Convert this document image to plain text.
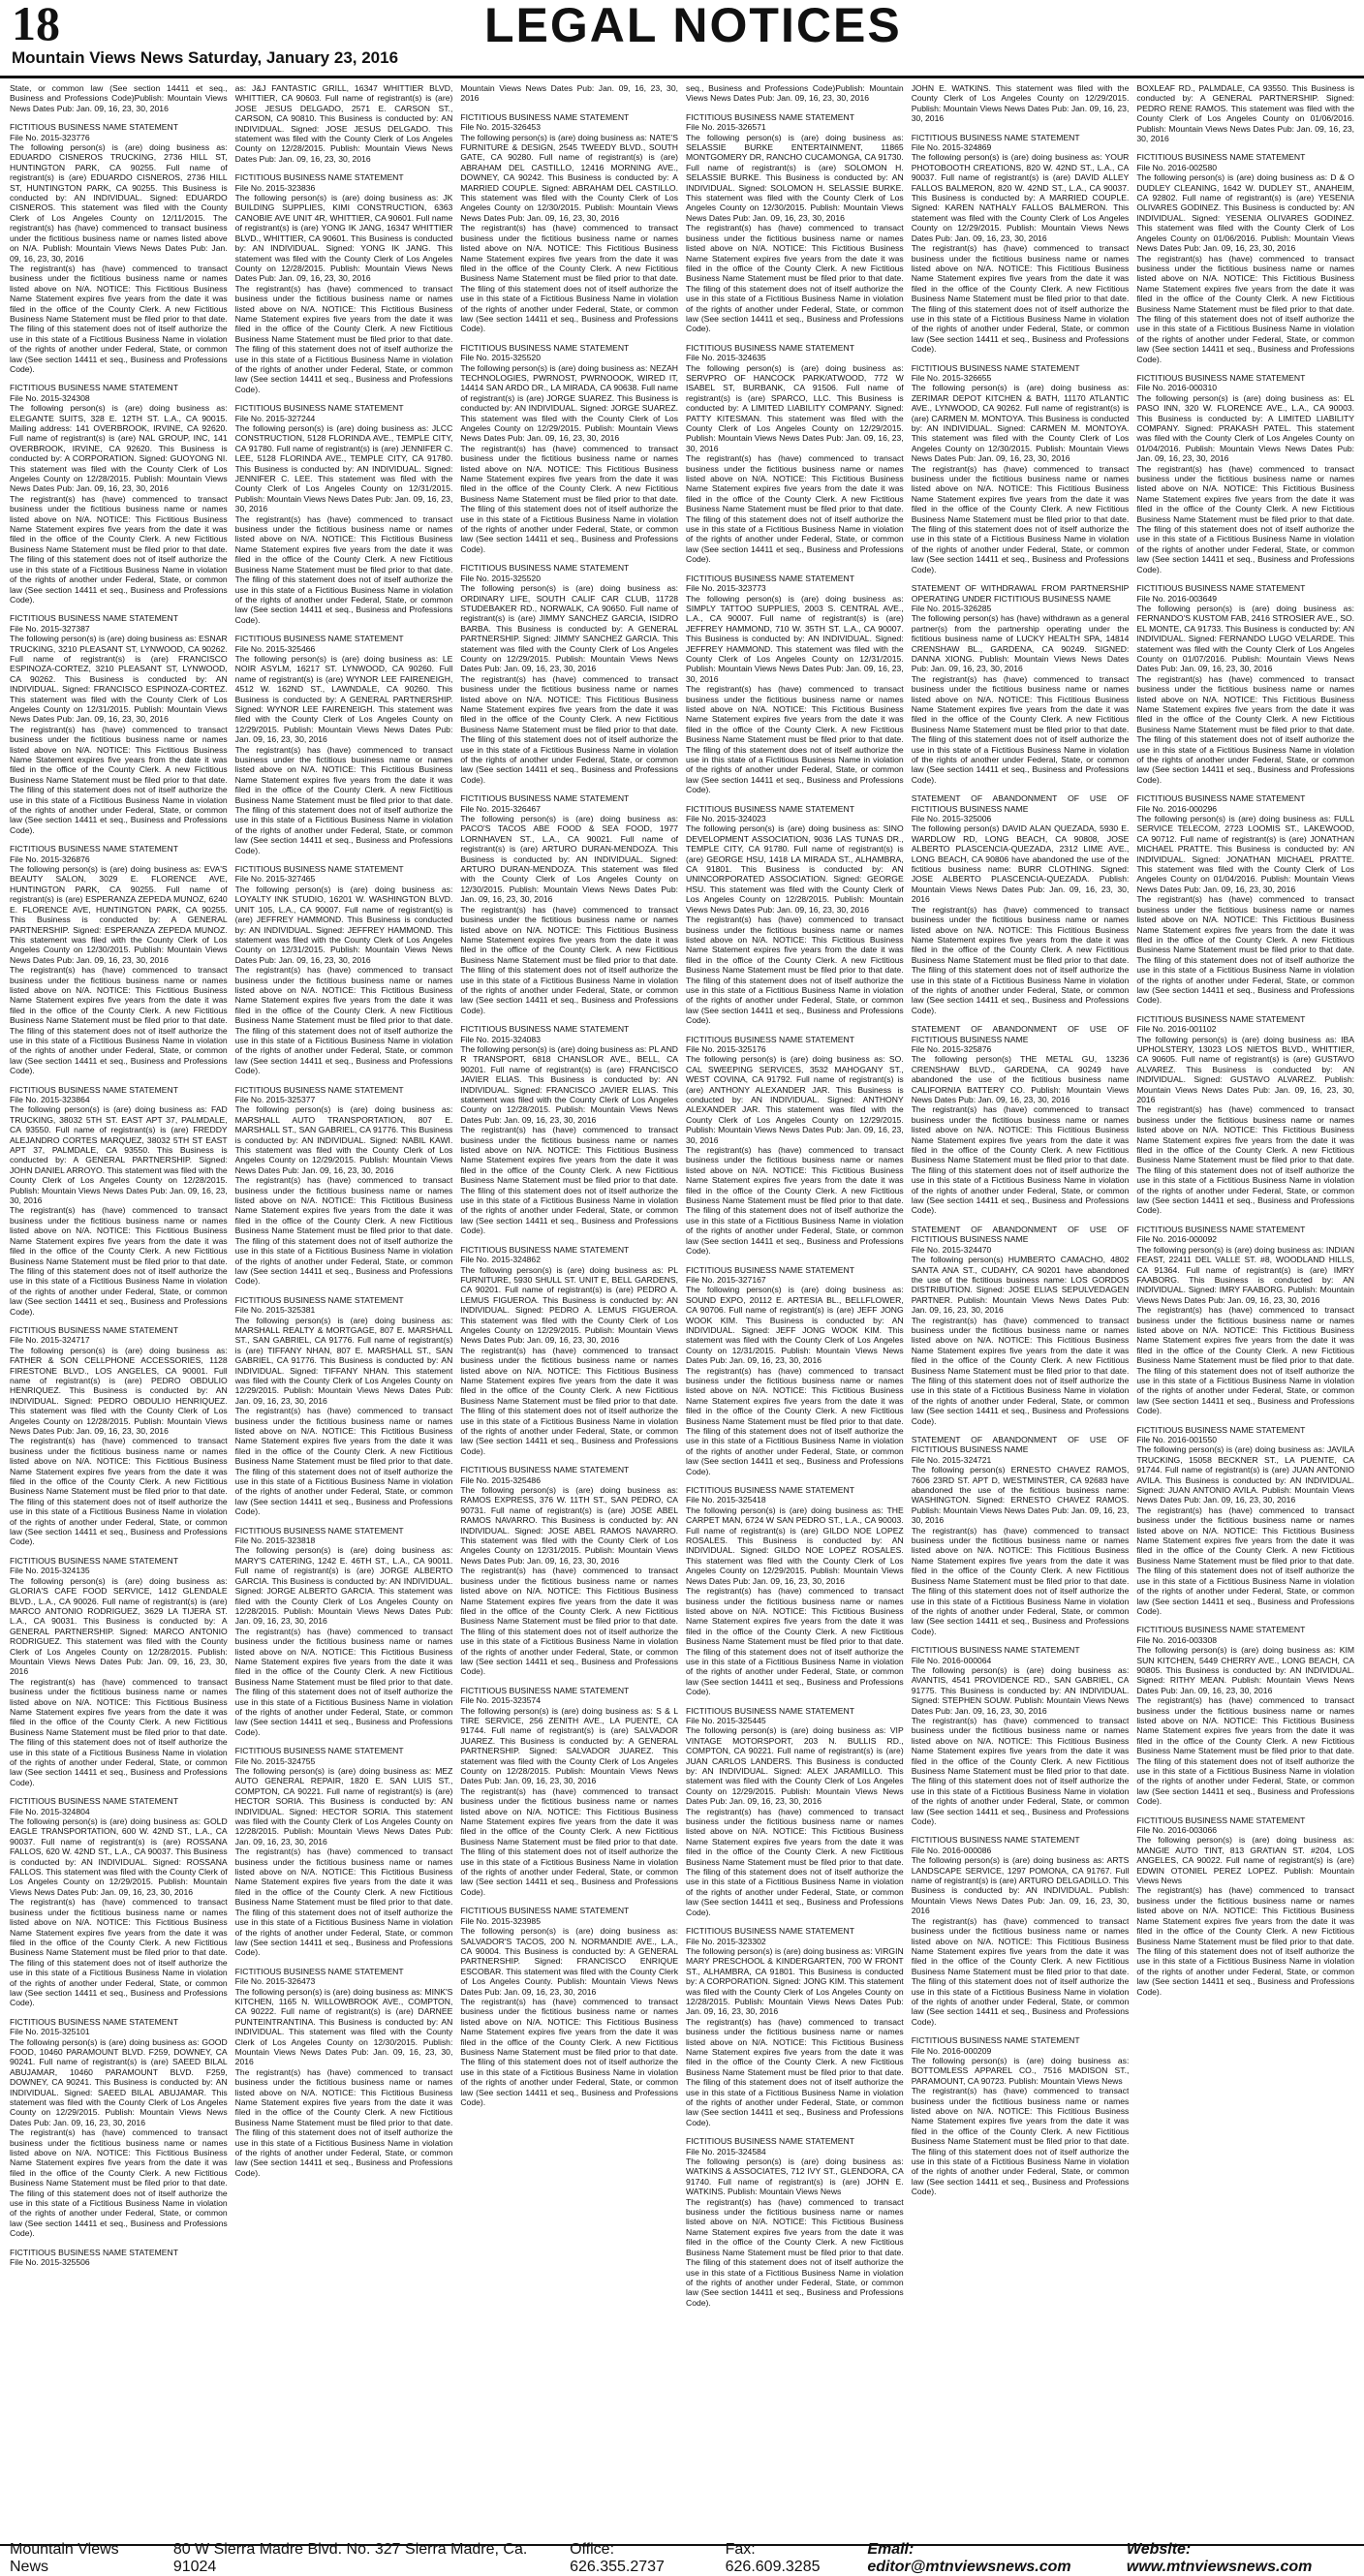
18	LEGAL NOTICES
Mountain Views News Saturday, January 23, 2016
State, or common law (See section 14411 et seq., Business and Professions Code)Publish: Mountain Views News Dates Pub: Jan. 09, 16, 23, 30, 2016
FICTITIOUS BUSINESS NAME STATEMENT
File No. 2015-323776
The following person(s) is (are) doing business as: EDUARDO CISNEROS TRUCKING, 2736 HILL ST, HUNTINGTON PARK, CA 90255. Full name of registrant(s) is (are) EDUARDO CISNEROS, 2736 HILL ST, HUNTINGTON PARK, CA 90255. This Business is conducted by: AN INDIVIDUAL. Signed: EDUARDO CISNEROS. This statement was filed with the County Clerk of Los Angeles County on 12/11/2015. The registrant(s) has (have) commenced to transact business under the fictitious business name or names listed above on N/A. Publish: Mountain Views News Dates Pub: Jan. 09, 16, 23, 30, 2016
The registrant(s) has (have) commenced to transact business under the fictitious business name or names listed above on N/A. NOTICE: This Fictitious Business Name Statement expires five years from the date it was filed in the office of the County Clerk. A new Fictitious Business Name Statement must be filed prior to that date. The filing of this statement does not of itself authorize the use in this state of a Fictitious Business Name in violation of the rights of another under Federal, State, or common law (See section 14411 et seq., Business and Professions Code).
FICTITIOUS BUSINESS NAME STATEMENT
File No. 2015-324308
The following person(s) is (are) doing business as: ELEGANTE SUITS, 328 E. 12TH ST. L.A., CA 90015. Mailing address: 141 OVERBROOK, IRVINE, CA 92620. Full name of registrant(s) is (are) NAL GROUP, INC, 141 OVERBROOK, IRVINE, CA 92620. This Business is conducted by: A CORPORATION. Signed: GUOYONG NI. This statement was filed with the County Clerk of Los Angeles County on 12/28/2015. Publish: Mountain Views News Dates Pub: Jan. 09, 16, 23, 30, 2016
The registrant(s) has (have) commenced to transact business under the fictitious business name or names listed above on N/A. NOTICE: This Fictitious Business Name Statement expires five years from the date it was filed in the office of the County Clerk. A new Fictitious Business Name Statement must be filed prior to that date. The filing of this statement does not of itself authorize the use in this state of a Fictitious Business Name in violation of the rights of another under Federal, State, or common law (See section 14411 et seq., Business and Professions Code).
FICTITIOUS BUSINESS NAME STATEMENT
File No. 2015-327387
The following person(s) is (are) doing business as: ESNAR TRUCKING, 3210 PLEASANT ST, LYNWOOD, CA 90262. Full name of registrant(s) is (are) FRANCISCO ESPINOZA-CORTEZ, 3210 PLEASANT ST, LYNWOOD, CA 90262. This Business is conducted by: AN INDIVIDUAL. Signed: FRANCISCO ESPINOZA-CORTEZ. This statement was filed with the County Clerk of Los Angeles County on 12/31/2015. Publish: Mountain Views News Dates Pub: Jan. 09, 16, 23, 30, 2016
The registrant(s) has (have) commenced to transact business under the fictitious business name or names listed above on N/A. NOTICE: This Fictitious Business Name Statement expires five years from the date it was filed in the office of the County Clerk. A new Fictitious Business Name Statement must be filed prior to that date. The filing of this statement does not of itself authorize the use in this state of a Fictitious Business Name in violation of the rights of another under Federal, State, or common law (See section 14411 et seq., Business and Professions Code).
FICTITIOUS BUSINESS NAME STATEMENT
File No. 2015-326876
The following person(s) is (are) doing business as: EVA'S BEAUTY SALON, 3029 E. FLORENCE AVE, HUNTINGTON PARK, CA 90255. Full name of registrant(s) is (are) ESPERANZA ZEPEDA MUNOZ, 6240 E. FLORENCE AVE, HUNTINGTON PARK, CA 90255. This Business is conducted by: A GENERAL PARTNERSHIP. Signed: ESPERANZA ZEPEDA MUNOZ. This statement was filed with the County Clerk of Los Angeles County on 12/30/2015. Publish: Mountain Views News Dates Pub: Jan. 09, 16, 23, 30, 2016
The registrant(s) has (have) commenced to transact business under the fictitious business name or names listed above on N/A. NOTICE: This Fictitious Business Name Statement expires five years from the date it was filed in the office of the County Clerk. A new Fictitious Business Name Statement must be filed prior to that date. The filing of this statement does not of itself authorize the use in this state of a Fictitious Business Name in violation of the rights of another under Federal, State, or common law (See section 14411 et seq., Business and Professions Code).
FICTITIOUS BUSINESS NAME STATEMENT
File No. 2015-323864
The following person(s) is (are) doing business as: FAD TRUCKING, 38032 5TH ST. EAST APT 37, PALMDALE, CA 93550. Full name of registrant(s) is (are) FREDDY ALEJANDRO CORTES MARQUEZ, 38032 5TH ST EAST APT 37, PALMDALE, CA 93550. This Business is conducted by: A GENERAL PARTNERSHIP. Signed: JOHN DANIEL ARROYO. This statement was filed with the County Clerk of Los Angeles County on 12/28/2015. Publish: Mountain Views News Dates Pub: Jan. 09, 16, 23, 30, 2016
The registrant(s) has (have) commenced to transact business under the fictitious business name or names listed above on N/A. NOTICE: This Fictitious Business Name Statement expires five years from the date it was filed in the office of the County Clerk. A new Fictitious Business Name Statement must be filed prior to that date. The filing of this statement does not of itself authorize the use in this state of a Fictitious Business Name in violation of the rights of another under Federal, State, or common law (See section 14411 et seq., Business and Professions Code).
FICTITIOUS BUSINESS NAME STATEMENT
File No. 2015-324717
The following person(s) is (are) doing business as: FATHER & SON CELLPHONE ACCESSORIES, 1128 FIRESTONE BLVD., LOS ANGELES, CA 90001. Full name of registrant(s) is (are) PEDRO OBDULIO HENRIQUEZ. This Business is conducted by: AN INDIVIDUAL. Signed: PEDRO OBDULIO HENRIQUEZ. This statement was filed with the County Clerk of Los Angeles County on 12/28/2015. Publish: Mountain Views News Dates Pub: Jan. 09, 16, 23, 30, 2016
The registrant(s) has (have) commenced to transact business under the fictitious business name or names listed above on N/A. NOTICE: This Fictitious Business Name Statement expires five years from the date it was filed in the office of the County Clerk. A new Fictitious Business Name Statement must be filed prior to that date. The filing of this statement does not of itself authorize the use in this state of a Fictitious Business Name in violation of the rights of another under Federal, State, or common law (See section 14411 et seq., Business and Professions Code).
FICTITIOUS BUSINESS NAME STATEMENT
File No. 2015-324135
The following person(s) is (are) doing business as: GLORIA'S CAFE FOOD SERVICE, 1412 GLENDALE BLVD., L.A., CA 90026. Full name of registrant(s) is (are) MARCO ANTONIO RODRIGUEZ, 3629 LA TIJERA ST. L.A., CA 90031. This Business is conducted by: A GENERAL PARTNERSHIP. Signed: MARCO ANTONIO RODRIGUEZ. This statement was filed with the County Clerk of Los Angeles County on 12/28/2015. Publish: Mountain Views News Dates Pub: Jan. 09, 16, 23, 30, 2016
The registrant(s) has (have) commenced to transact business under the fictitious business name or names listed above on N/A. NOTICE: This Fictitious Business Name Statement expires five years from the date it was filed in the office of the County Clerk. A new Fictitious Business Name Statement must be filed prior to that date. The filing of this statement does not of itself authorize the use in this state of a Fictitious Business Name in violation of the rights of another under Federal, State, or common law (See section 14411 et seq., Business and Professions Code).
FICTITIOUS BUSINESS NAME STATEMENT
File No. 2015-324804
The following person(s) is (are) doing business as: GOLD EAGLE TRANSPORTATION, 600 W. 42ND ST., L.A., CA 90037. Full name of registrant(s) is (are) ROSSANA FALLOS, 620 W. 42ND ST., L.A., CA 90037. This Business is conducted by: AN INDIVIDUAL. Signed: ROSSANA FALLOS. This statement was filed with the County Clerk of Los Angeles County on 12/29/2015. Publish: Mountain Views News Dates Pub: Jan. 09, 16, 23, 30, 2016
The registrant(s) has (have) commenced to transact business under the fictitious business name or names listed above on N/A. NOTICE: This Fictitious Business Name Statement expires five years from the date it was filed in the office of the County Clerk. A new Fictitious Business Name Statement must be filed prior to that date. The filing of this statement does not of itself authorize the use in this state of a Fictitious Business Name in violation of the rights of another under Federal, State, or common law (See section 14411 et seq., Business and Professions Code).
FICTITIOUS BUSINESS NAME STATEMENT
File No. 2015-325101
The following person(s) is (are) doing business as: GOOD FOOD, 10460 PARAMOUNT BLVD. F259, DOWNEY, CA 90241. Full name of registrant(s) is (are) SAEED BILAL ABUJAMAR, 10460 PARAMOUNT BLVD. F259, DOWNEY, CA 90241. This Business is conducted by: AN INDIVIDUAL. Signed: SAEED BILAL ABUJAMAR. This statement was filed with the County Clerk of Los Angeles County on 12/29/2015. Publish: Mountain Views News Dates Pub: Jan. 09, 16, 23, 30, 2016
The registrant(s) has (have) commenced to transact business under the fictitious business name or names listed above on N/A. NOTICE: This Fictitious Business Name Statement expires five years from the date it was filed in the office of the County Clerk. A new Fictitious Business Name Statement must be filed prior to that date. The filing of this statement does not of itself authorize the use in this state of a Fictitious Business Name in violation of the rights of another under Federal, State, or common law (See section 14411 et seq., Business and Professions Code).
FICTITIOUS BUSINESS NAME STATEMENT
File No. 2015-325506
as: J&J FANTASTIC GRILL, 16347 WHITTIER BLVD, WHITTIER, CA 90603. Full name of registrant(s) is (are) JOSE JESUS DELGADO, 2571 E. CARSON ST., CARSON, CA 90810. This Business is conducted by: AN INDIVIDUAL. Signed: JOSE JESUS DELGADO. This statement was filed with the County Clerk of Los Angeles County on 12/28/2015. Publish: Mountain Views News Dates Pub: Jan. 09, 16, 23, 30, 2016
FICTITIOUS BUSINESS NAME STATEMENT
File No. 2015-323836
The following person(s) is (are) doing business as: JK BUILDING SUPPLIES, KIMI CONSTRUCTION, 6363 CANOBIE AVE UNIT 4R, WHITTIER, CA 90601. Full name of registrant(s) is (are) YONG IK JANG, 16347 WHITTIER BLVD., WHITTIER, CA 90601. This Business is conducted by: AN INDIVIDUAL. Signed: YONG IK JANG. This statement was filed with the County Clerk of Los Angeles County on 12/28/2015. Publish: Mountain Views News Dates Pub: Jan. 09, 16, 23, 30, 2016
The registrant(s) has (have) commenced to transact business under the fictitious business name or names listed above on N/A. NOTICE: This Fictitious Business Name Statement expires five years from the date it was filed in the office of the County Clerk. A new Fictitious Business Name Statement must be filed prior to that date. The filing of this statement does not of itself authorize the use in this state of a Fictitious Business Name in violation of the rights of another under Federal, State, or common law (See section 14411 et seq., Business and Professions Code).
FICTITIOUS BUSINESS NAME STATEMENT
File No. 2015-327244
The following person(s) is (are) doing business as: JLCC CONSTRUCTION, 5128 FLORINDA AVE., TEMPLE CITY, CA 91780. Full name of registrant(s) is (are) JENNIFER C. LEE, 5128 FLORINDA AVE., TEMPLE CITY, CA 91780. This Business is conducted by: AN INDIVIDUAL. Signed: JENNIFER C. LEE. This statement was filed with the County Clerk of Los Angeles County on 12/31/2015. Publish: Mountain Views News Dates Pub: Jan. 09, 16, 23, 30, 2016
The registrant(s) has (have) commenced to transact business under the fictitious business name or names listed above on N/A. NOTICE: This Fictitious Business Name Statement expires five years from the date it was filed in the office of the County Clerk. A new Fictitious Business Name Statement must be filed prior to that date. The filing of this statement does not of itself authorize the use in this state of a Fictitious Business Name in violation of the rights of another under Federal, State, or common law (See section 14411 et seq., Business and Professions Code).
FICTITIOUS BUSINESS NAME STATEMENT
File No. 2015-325466
The following person(s) is (are) doing business as: LE NOIR ASYLM, 16217 ST. LYNWOOD, CA 90260. Full name of registrant(s) is (are) WYNOR LEE FAIRENEIGH, 4512 W. 162ND ST., LAWNDALE, CA 90260. This Business is conducted by: A GENERAL PARTNERSHIP. Signed: WYNOR LEE FAIRENEIGH. This statement was filed with the County Clerk of Los Angeles County on 12/29/2015. Publish: Mountain Views News Dates Pub: Jan. 09, 16, 23, 30, 2016
The registrant(s) has (have) commenced to transact business under the fictitious business name or names listed above on N/A. NOTICE: This Fictitious Business Name Statement expires five years from the date it was filed in the office of the County Clerk. A new Fictitious Business Name Statement must be filed prior to that date. The filing of this statement does not of itself authorize the use in this state of a Fictitious Business Name in violation of the rights of another under Federal, State, or common law (See section 14411 et seq., Business and Professions Code).
FICTITIOUS BUSINESS NAME STATEMENT
File No. 2015-327465
The following person(s) is (are) doing business as: LOYALTY INK STUDIO, 16201 W. WASHINGTON BLVD. UNIT 105, L.A., CA 90007. Full name of registrant(s) is (are) JEFFREY HAMMOND. This Business is conducted by: AN INDIVIDUAL. Signed: JEFFREY HAMMOND. This statement was filed with the County Clerk of Los Angeles County on 12/31/2015. Publish: Mountain Views News Dates Pub: Jan. 09, 16, 23, 30, 2016
The registrant(s) has (have) commenced to transact business under the fictitious business name or names listed above on N/A. NOTICE: This Fictitious Business Name Statement expires five years from the date it was filed in the office of the County Clerk. A new Fictitious Business Name Statement must be filed prior to that date. The filing of this statement does not of itself authorize the use in this state of a Fictitious Business Name in violation of the rights of another under Federal, State, or common law (See section 14411 et seq., Business and Professions Code).
FICTITIOUS BUSINESS NAME STATEMENT
File No. 2015-325377
The following person(s) is (are) doing business as: MARSHALL AUTO TRANSPORTATION, 807 E. MARSHALL ST., SAN GABRIEL, CA 91776. This Business is conducted by: AN INDIVIDUAL. Signed: NABIL KAWI. This statement was filed with the County Clerk of Los Angeles County on 12/29/2015. Publish: Mountain Views News Dates Pub: Jan. 09, 16, 23, 30, 2016
The registrant(s) has (have) commenced to transact business under the fictitious business name or names listed above on N/A. NOTICE: This Fictitious Business Name Statement expires five years from the date it was filed in the office of the County Clerk. A new Fictitious Business Name Statement must be filed prior to that date. The filing of this statement does not of itself authorize the use in this state of a Fictitious Business Name in violation of the rights of another under Federal, State, or common law (See section 14411 et seq., Business and Professions Code).
FICTITIOUS BUSINESS NAME STATEMENT
File No. 2015-325381
The following person(s) is (are) doing business as: MARSHALL REALTY & MORTGAGE, 807 E. MARSHALL ST., SAN GABRIEL, CA 91776. Full name of registrant(s) is (are) TIFFANY NHAN, 807 E. MARSHALL ST., SAN GABRIEL, CA 91776. This Business is conducted by: AN INDIVIDUAL. Signed: TIFFANY NHAN. This statement was filed with the County Clerk of Los Angeles County on 12/29/2015. Publish: Mountain Views News Dates Pub: Jan. 09, 16, 23, 30, 2016
The registrant(s) has (have) commenced to transact business under the fictitious business name or names listed above on N/A. NOTICE: This Fictitious Business Name Statement expires five years from the date it was filed in the office of the County Clerk. A new Fictitious Business Name Statement must be filed prior to that date. The filing of this statement does not of itself authorize the use in this state of a Fictitious Business Name in violation of the rights of another under Federal, State, or common law (See section 14411 et seq., Business and Professions Code).
FICTITIOUS BUSINESS NAME STATEMENT
File No. 2015-323818
The following person(s) is (are) doing business as: MARY'S CATERING, 1242 E. 46TH ST., L.A., CA 90011. Full name of registrant(s) is (are) JORGE ALBERTO GARCIA. This Business is conducted by: AN INDIVIDUAL. Signed: JORGE ALBERTO GARCIA. This statement was filed with the County Clerk of Los Angeles County on 12/28/2015. Publish: Mountain Views News Dates Pub: Jan. 09, 16, 23, 30, 2016
The registrant(s) has (have) commenced to transact business under the fictitious business name or names listed above on N/A. NOTICE: This Fictitious Business Name Statement expires five years from the date it was filed in the office of the County Clerk. A new Fictitious Business Name Statement must be filed prior to that date. The filing of this statement does not of itself authorize the use in this state of a Fictitious Business Name in violation of the rights of another under Federal, State, or common law (See section 14411 et seq., Business and Professions Code).
FICTITIOUS BUSINESS NAME STATEMENT
File No. 2015-324755
The following person(s) is (are) doing business as: MEZ AUTO GENERAL REPAIR, 1820 E. SAN LUIS ST., COMPTON, CA 90221. Full name of registrant(s) is (are) HECTOR SORIA. This Business is conducted by: AN INDIVIDUAL. Signed: HECTOR SORIA. This statement was filed with the County Clerk of Los Angeles County on 12/28/2015. Publish: Mountain Views News Dates Pub: Jan. 09, 16, 23, 30, 2016
The registrant(s) has (have) commenced to transact business under the fictitious business name or names listed above on N/A. NOTICE: This Fictitious Business Name Statement expires five years from the date it was filed in the office of the County Clerk. A new Fictitious Business Name Statement must be filed prior to that date. The filing of this statement does not of itself authorize the use in this state of a Fictitious Business Name in violation of the rights of another under Federal, State, or common law (See section 14411 et seq., Business and Professions Code).
FICTITIOUS BUSINESS NAME STATEMENT
File No. 2015-326473
The following person(s) is (are) doing business as: MINK'S KITCHEN, 1165 N. WILLOWBROOK AVE., COMPTON, CA 90222. Full name of registrant(s) is (are) DARNEE PUNTEINTRANTINA. This Business is conducted by: AN INDIVIDUAL. This statement was filed with the County Clerk of Los Angeles County on 12/30/2015. Publish: Mountain Views News Dates Pub: Jan. 09, 16, 23, 30, 2016
The registrant(s) has (have) commenced to transact business under the fictitious business name or names listed above on N/A. NOTICE: This Fictitious Business Name Statement expires five years from the date it was filed in the office of the County Clerk. A new Fictitious Business Name Statement must be filed prior to that date. The filing of this statement does not of itself authorize the use in this state of a Fictitious Business Name in violation of the rights of another under Federal, State, or common law (See section 14411 et seq., Business and Professions Code).
Mountain Views News Dates Pub: Jan. 09, 16, 23, 30, 2016
FICTITIOUS BUSINESS NAME STATEMENT
File No. 2015-326453
The following person(s) is (are) doing business as: NATE'S FURNITURE & DESIGN, 2545 TWEEDY BLVD., SOUTH GATE, CA 90280. Full name of registrant(s) is (are) ABRAHAM DEL CASTILLO, 12416 MORNING AVE., DOWNEY, CA 90242. This Business is conducted by: A MARRIED COUPLE. Signed: ABRAHAM DEL CASTILLO. This statement was filed with the County Clerk of Los Angeles County on 12/30/2015. Publish: Mountain Views News Dates Pub: Jan. 09, 16, 23, 30, 2016
The registrant(s) has (have) commenced to transact business under the fictitious business name or names listed above on N/A. NOTICE: This Fictitious Business Name Statement expires five years from the date it was filed in the office of the County Clerk. A new Fictitious Business Name Statement must be filed prior to that date. The filing of this statement does not of itself authorize the use in this state of a Fictitious Business Name in violation of the rights of another under Federal, State, or common law (See section 14411 et seq., Business and Professions Code).
FICTITIOUS BUSINESS NAME STATEMENT
File No. 2015-325520
The following person(s) is (are) doing business as: NEZAH TECHNOLOGIES, PWRNOST, PWRNOOOK, WIRED IT, 14414 SAN ARDO DR., LA MIRADA, CA 90638. Full name of registrant(s) is (are) JORGE SUAREZ. This Business is conducted by: AN INDIVIDUAL. Signed: JORGE SUAREZ. This statement was filed with the County Clerk of Los Angeles County on 12/29/2015. Publish: Mountain Views News Dates Pub: Jan. 09, 16, 23, 30, 2016
The registrant(s) has (have) commenced to transact business under the fictitious business name or names listed above on N/A. NOTICE: This Fictitious Business Name Statement expires five years from the date it was filed in the office of the County Clerk. A new Fictitious Business Name Statement must be filed prior to that date. The filing of this statement does not of itself authorize the use in this state of a Fictitious Business Name in violation of the rights of another under Federal, State, or common law (See section 14411 et seq., Business and Professions Code).
FICTITIOUS BUSINESS NAME STATEMENT
File No. 2015-325520
The following person(s) is (are) doing business as: ORDINARY LIFE, SOUTH CALIF CAR CLUB, 11728 STUDEBAKER RD., NORWALK, CA 90650. Full name of registrant(s) is (are) JIMMY SANCHEZ GARCIA, ISIDRO BARBA. This Business is conducted by: A GENERAL PARTNERSHIP. Signed: JIMMY SANCHEZ GARCIA. This statement was filed with the County Clerk of Los Angeles County on 12/29/2015. Publish: Mountain Views News Dates Pub: Jan. 09, 16, 23, 30, 2016
The registrant(s) has (have) commenced to transact business under the fictitious business name or names listed above on N/A. NOTICE: This Fictitious Business Name Statement expires five years from the date it was filed in the office of the County Clerk. A new Fictitious Business Name Statement must be filed prior to that date. The filing of this statement does not of itself authorize the use in this state of a Fictitious Business Name in violation of the rights of another under Federal, State, or common law (See section 14411 et seq., Business and Professions Code).
FICTITIOUS BUSINESS NAME STATEMENT
File No. 2015-326467
The following person(s) is (are) doing business as: PACO'S TACOS ABE FOOD & SEA FOOD, 1977 LORNHAVEN ST., L.A., CA 90021. Full name of registrant(s) is (are) ARTURO DURAN-MENDOZA. This Business is conducted by: AN INDIVIDUAL. Signed: ARTURO DURAN-MENDOZA. This statement was filed with the County Clerk of Los Angeles County on 12/30/2015. Publish: Mountain Views News Dates Pub: Jan. 09, 16, 23, 30, 2016
The registrant(s) has (have) commenced to transact business under the fictitious business name or names listed above on N/A. NOTICE: This Fictitious Business Name Statement expires five years from the date it was filed in the office of the County Clerk. A new Fictitious Business Name Statement must be filed prior to that date. The filing of this statement does not of itself authorize the use in this state of a Fictitious Business Name in violation of the rights of another under Federal, State, or common law (See section 14411 et seq., Business and Professions Code).
FICTITIOUS BUSINESS NAME STATEMENT
File No. 2015-324083
The following person(s) is (are) doing business as: PL AND R TRANSPORT, 6818 CHANSLOR AVE., BELL, CA 90201. Full name of registrant(s) is (are) FRANCISCO JAVIER ELIAS. This Business is conducted by: AN INDIVIDUAL. Signed: FRANCISCO JAVIER ELIAS. This statement was filed with the County Clerk of Los Angeles County on 12/28/2015. Publish: Mountain Views News Dates Pub: Jan. 09, 16, 23, 30, 2016
The registrant(s) has (have) commenced to transact business under the fictitious business name or names listed above on N/A. NOTICE: This Fictitious Business Name Statement expires five years from the date it was filed in the office of the County Clerk. A new Fictitious Business Name Statement must be filed prior to that date. The filing of this statement does not of itself authorize the use in this state of a Fictitious Business Name in violation of the rights of another under Federal, State, or common law (See section 14411 et seq., Business and Professions Code).
FICTITIOUS BUSINESS NAME STATEMENT
File No. 2015-324862
The following person(s) is (are) doing business as: PL FURNITURE, 5930 SHULL ST. UNIT E, BELL GARDENS, CA 90201. Full name of registrant(s) is (are) PEDRO A. LEMUS FIGUEROA. This Business is conducted by: AN INDIVIDUAL. Signed: PEDRO A. LEMUS FIGUEROA. This statement was filed with the County Clerk of Los Angeles County on 12/29/2015. Publish: Mountain Views News Dates Pub: Jan. 09, 16, 23, 30, 2016
The registrant(s) has (have) commenced to transact business under the fictitious business name or names listed above on N/A. NOTICE: This Fictitious Business Name Statement expires five years from the date it was filed in the office of the County Clerk. A new Fictitious Business Name Statement must be filed prior to that date. The filing of this statement does not of itself authorize the use in this state of a Fictitious Business Name in violation of the rights of another under Federal, State, or common law (See section 14411 et seq., Business and Professions Code).
FICTITIOUS BUSINESS NAME STATEMENT
File No. 2015-325486
The following person(s) is (are) doing business as: RAMOS EXPRESS, 376 W. 11TH ST., SAN PEDRO, CA 90731. Full name of registrant(s) is (are) JOSE ABEL RAMOS NAVARRO. This Business is conducted by: AN INDIVIDUAL. Signed: JOSE ABEL RAMOS NAVARRO. This statement was filed with the County Clerk of Los Angeles County on 12/31/2015. Publish: Mountain Views News Dates Pub: Jan. 09, 16, 23, 30, 2016
The registrant(s) has (have) commenced to transact business under the fictitious business name or names listed above on N/A. NOTICE: This Fictitious Business Name Statement expires five years from the date it was filed in the office of the County Clerk. A new Fictitious Business Name Statement must be filed prior to that date. The filing of this statement does not of itself authorize the use in this state of a Fictitious Business Name in violation of the rights of another under Federal, State, or common law (See section 14411 et seq., Business and Professions Code).
FICTITIOUS BUSINESS NAME STATEMENT
File No. 2015-323574
The following person(s) is (are) doing business as: S & L TIRE SERVICE, 256 ZENITH AVE., LA PUENTE, CA 91744. Full name of registrant(s) is (are) SALVADOR JUAREZ. This Business is conducted by: A GENERAL PARTNERSHIP. Signed: SALVADOR JUAREZ. This statement was filed with the County Clerk of Los Angeles County on 12/28/2015. Publish: Mountain Views News Dates Pub: Jan. 09, 16, 23, 30, 2016
The registrant(s) has (have) commenced to transact business under the fictitious business name or names listed above on N/A. NOTICE: This Fictitious Business Name Statement expires five years from the date it was filed in the office of the County Clerk. A new Fictitious Business Name Statement must be filed prior to that date. The filing of this statement does not of itself authorize the use in this state of a Fictitious Business Name in violation of the rights of another under Federal, State, or common law (See section 14411 et seq., Business and Professions Code).
FICTITIOUS BUSINESS NAME STATEMENT
File No. 2015-323985
The following person(s) is (are) doing business as: SALVADOR'S TACOS, 200 N. NORMANDIE AVE., L.A., CA 90004. This Business is conducted by: A GENERAL PARTNERSHIP. Signed: FRANCISCO ENRIQUE ESCOBAR. This statement was filed with the County Clerk of Los Angeles County. Publish: Mountain Views News Dates Pub: Jan. 09, 16, 23, 30, 2016
The registrant(s) has (have) commenced to transact business under the fictitious business name or names listed above on N/A. NOTICE: This Fictitious Business Name Statement expires five years from the date it was filed in the office of the County Clerk. A new Fictitious Business Name Statement must be filed prior to that date. The filing of this statement does not of itself authorize the use in this state of a Fictitious Business Name in violation of the rights of another under Federal, State, or common law (See section 14411 et seq., Business and Professions Code).
seq., Business and Professions Code)Publish: Mountain Views News Dates Pub: Jan. 09, 16, 23, 30, 2016
FICTITIOUS BUSINESS NAME STATEMENT
File No. 2015-326571
The following person(s) is (are) doing business as: SELASSIE BURKE ENTERTAINMENT, 11865 MONTGOMERY DR, RANCHO CUCAMONGA, CA 91730. Full name of registrant(s) is (are) SOLOMON H. SELASSIE BURKE. This Business is conducted by: AN INDIVIDUAL. Signed: SOLOMON H. SELASSIE BURKE. This statement was filed with the County Clerk of Los Angeles County on 12/30/2015. Publish: Mountain Views News Dates Pub: Jan. 09, 16, 23, 30, 2016
The registrant(s) has (have) commenced to transact business under the fictitious business name or names listed above on N/A. NOTICE: This Fictitious Business Name Statement expires five years from the date it was filed in the office of the County Clerk. A new Fictitious Business Name Statement must be filed prior to that date. The filing of this statement does not of itself authorize the use in this state of a Fictitious Business Name in violation of the rights of another under Federal, State, or common law (See section 14411 et seq., Business and Professions Code).
FICTITIOUS BUSINESS NAME STATEMENT
File No. 2015-324635
The following person(s) is (are) doing business as: SERVPRO OF HANCOCK PARK/ATWOOD, 772 W ISABEL ST, BURBANK, CA 91506. Full name of registrant(s) is (are) SPARCO, LLC. This Business is conducted by: A LIMITED LIABILITY COMPANY. Signed: PATTY KITESMAN. This statement was filed with the County Clerk of Los Angeles County on 12/29/2015. Publish: Mountain Views News Dates Pub: Jan. 09, 16, 23, 30, 2016
The registrant(s) has (have) commenced to transact business under the fictitious business name or names listed above on N/A. NOTICE: This Fictitious Business Name Statement expires five years from the date it was filed in the office of the County Clerk. A new Fictitious Business Name Statement must be filed prior to that date. The filing of this statement does not of itself authorize the use in this state of a Fictitious Business Name in violation of the rights of another under Federal, State, or common law (See section 14411 et seq., Business and Professions Code).
FICTITIOUS BUSINESS NAME STATEMENT
File No. 2015-323773
The following person(s) is (are) doing business as: SIMPLY TATTOO SUPPLIES, 2003 S. CENTRAL AVE., L.A., CA 90007. Full name of registrant(s) is (are) JEFFREY HAMMOND, 710 W. 35TH ST. L.A., CA 90007. This Business is conducted by: AN INDIVIDUAL. Signed: JEFFREY HAMMOND. This statement was filed with the County Clerk of Los Angeles County on 12/31/2015. Publish: Mountain Views News Dates Pub: Jan. 09, 16, 23, 30, 2016
The registrant(s) has (have) commenced to transact business under the fictitious business name or names listed above on N/A. NOTICE: This Fictitious Business Name Statement expires five years from the date it was filed in the office of the County Clerk. A new Fictitious Business Name Statement must be filed prior to that date. The filing of this statement does not of itself authorize the use in this state of a Fictitious Business Name in violation of the rights of another under Federal, State, or common law (See section 14411 et seq., Business and Professions Code).
FICTITIOUS BUSINESS NAME STATEMENT
File No. 2015-324023
The following person(s) is (are) doing business as: SINO DEVELOPMENT ASSOCIATION, 9036 LAS TUNAS DR., TEMPLE CITY, CA 91780. Full name of registrant(s) is (are) GEORGE HSU, 1418 LA MIRADA ST., ALHAMBRA, CA 91801. This Business is conducted by: AN UNINCORPORATED ASSOCIATION. Signed: GEORGE HSU. This statement was filed with the County Clerk of Los Angeles County on 12/28/2015. Publish: Mountain Views News Dates Pub: Jan. 09, 16, 23, 30, 2016
The registrant(s) has (have) commenced to transact business under the fictitious business name or names listed above on N/A. NOTICE: This Fictitious Business Name Statement expires five years from the date it was filed in the office of the County Clerk. A new Fictitious Business Name Statement must be filed prior to that date. The filing of this statement does not of itself authorize the use in this state of a Fictitious Business Name in violation of the rights of another under Federal, State, or common law (See section 14411 et seq., Business and Professions Code).
FICTITIOUS BUSINESS NAME STATEMENT
File No. 2015-325176
The following person(s) is (are) doing business as: SO. CAL SWEEPING SERVICES, 3532 MAHOGANY ST., WEST COVINA, CA 91792. Full name of registrant(s) is (are) ANTHONY ALEXANDER JAR. This Business is conducted by: AN INDIVIDUAL. Signed: ANTHONY ALEXANDER JAR. This statement was filed with the County Clerk of Los Angeles County on 12/29/2015. Publish: Mountain Views News Dates Pub: Jan. 09, 16, 23, 30, 2016
The registrant(s) has (have) commenced to transact business under the fictitious business name or names listed above on N/A. NOTICE: This Fictitious Business Name Statement expires five years from the date it was filed in the office of the County Clerk. A new Fictitious Business Name Statement must be filed prior to that date. The filing of this statement does not of itself authorize the use in this state of a Fictitious Business Name in violation of the rights of another under Federal, State, or common law (See section 14411 et seq., Business and Professions Code).
FICTITIOUS BUSINESS NAME STATEMENT
File No. 2015-327167
The following person(s) is (are) doing business as: SOUND EXPO, 20112 E. ARTESIA BL., BELLFLOWER, CA 90706. Full name of registrant(s) is (are) JEFF JONG WOOK KIM. This Business is conducted by: AN INDIVIDUAL. Signed: JEFF JONG WOOK KIM. This statement was filed with the County Clerk of Los Angeles County on 12/31/2015. Publish: Mountain Views News Dates Pub: Jan. 09, 16, 23, 30, 2016
The registrant(s) has (have) commenced to transact business under the fictitious business name or names listed above on N/A. NOTICE: This Fictitious Business Name Statement expires five years from the date it was filed in the office of the County Clerk. A new Fictitious Business Name Statement must be filed prior to that date. The filing of this statement does not of itself authorize the use in this state of a Fictitious Business Name in violation of the rights of another under Federal, State, or common law (See section 14411 et seq., Business and Professions Code).
FICTITIOUS BUSINESS NAME STATEMENT
File No. 2015-325418
The following person(s) is (are) doing business as: THE CARPET MAN, 6724 W SAN PEDRO ST., L.A., CA 90003. Full name of registrant(s) is (are) GILDO NOE LOPEZ ROSALES. This Business is conducted by: AN INDIVIDUAL. Signed: GILDO NOE LOPEZ ROSALES. This statement was filed with the County Clerk of Los Angeles County on 12/29/2015. Publish: Mountain Views News Dates Pub: Jan. 09, 16, 23, 30, 2016
The registrant(s) has (have) commenced to transact business under the fictitious business name or names listed above on N/A. NOTICE: This Fictitious Business Name Statement expires five years from the date it was filed in the office of the County Clerk. A new Fictitious Business Name Statement must be filed prior to that date. The filing of this statement does not of itself authorize the use in this state of a Fictitious Business Name in violation of the rights of another under Federal, State, or common law (See section 14411 et seq., Business and Professions Code).
FICTITIOUS BUSINESS NAME STATEMENT
File No. 2015-325445
The following person(s) is (are) doing business as: VIP VINTAGE MOTORSPORT, 203 N. BULLIS RD., COMPTON, CA 90221. Full name of registrant(s) is (are) JUAN CARLOS LANDERS. This Business is conducted by: AN INDIVIDUAL. Signed: ALEX JARAMILLO. This statement was filed with the County Clerk of Los Angeles County on 12/29/2015. Publish: Mountain Views News Dates Pub: Jan. 09, 16, 23, 30, 2016
The registrant(s) has (have) commenced to transact business under the fictitious business name or names listed above on N/A. NOTICE: This Fictitious Business Name Statement expires five years from the date it was filed in the office of the County Clerk. A new Fictitious Business Name Statement must be filed prior to that date. The filing of this statement does not of itself authorize the use in this state of a Fictitious Business Name in violation of the rights of another under Federal, State, or common law (See section 14411 et seq., Business and Professions Code).
FICTITIOUS BUSINESS NAME STATEMENT
File No. 2015-323302
The following person(s) is (are) doing business as: VIRGIN MARY PRESCHOOL & KINDERGARTEN, 700 W FRONT ST., ALHAMBRA, CA 91801. This Business is conducted by: A CORPORATION. Signed: JONG KIM. This statement was filed with the County Clerk of Los Angeles County on 12/28/2015. Publish: Mountain Views News Dates Pub: Jan. 09, 16, 23, 30, 2016
The registrant(s) has (have) commenced to transact business under the fictitious business name or names listed above on N/A. NOTICE: This Fictitious Business Name Statement expires five years from the date it was filed in the office of the County Clerk. A new Fictitious Business Name Statement must be filed prior to that date. The filing of this statement does not of itself authorize the use in this state of a Fictitious Business Name in violation of the rights of another under Federal, State, or common law (See section 14411 et seq., Business and Professions Code).
FICTITIOUS BUSINESS NAME STATEMENT
File No. 2015-324584
The following person(s) is (are) doing business as: WATKINS & ASSOCIATES, 712 IVY ST., GLENDORA, CA 91740. Full name of registrant(s) is (are) JOHN E. WATKINS. Publish: Mountain Views News
The registrant(s) has (have) commenced to transact business under the fictitious business name or names listed above on N/A. NOTICE: This Fictitious Business Name Statement expires five years from the date it was filed in the office of the County Clerk. A new Fictitious Business Name Statement must be filed prior to that date. The filing of this statement does not of itself authorize the use in this state of a Fictitious Business Name in violation of the rights of another under Federal, State, or common law (See section 14411 et seq., Business and Professions Code).
JOHN E. WATKINS. This statement was filed with the County Clerk of Los Angeles County on 12/29/2015. Publish: Mountain Views News Dates Pub: Jan. 09, 16, 23, 30, 2016
FICTITIOUS BUSINESS NAME STATEMENT
File No. 2015-324869
The following person(s) is (are) doing business as: YOUR PHOTOBOOTH CREATIONS, 820 W. 42ND ST., L.A., CA 90037. Full name of registrant(s) is (are) DAVID ALLEY FALLOS BALMERON, 820 W. 42ND ST., L.A., CA 90037. This Business is conducted by: A MARRIED COUPLE. Signed: KAREN NATHALY FALLOS BALMERON. This statement was filed with the County Clerk of Los Angeles County on 12/29/2015. Publish: Mountain Views News Dates Pub: Jan. 09, 16, 23, 30, 2016
The registrant(s) has (have) commenced to transact business under the fictitious business name or names listed above on N/A. NOTICE: This Fictitious Business Name Statement expires five years from the date it was filed in the office of the County Clerk. A new Fictitious Business Name Statement must be filed prior to that date. The filing of this statement does not of itself authorize the use in this state of a Fictitious Business Name in violation of the rights of another under Federal, State, or common law (See section 14411 et seq., Business and Professions Code).
FICTITIOUS BUSINESS NAME STATEMENT
File No. 2015-326655
The following person(s) is (are) doing business as: ZERIMAR DEPOT KITCHEN & BATH, 11170 ATLANTIC AVE., LYNWOOD, CA 90262. Full name of registrant(s) is (are) CARMEN M. MONTOYA. This Business is conducted by: AN INDIVIDUAL. Signed: CARMEN M. MONTOYA. This statement was filed with the County Clerk of Los Angeles County on 12/30/2015. Publish: Mountain Views News Dates Pub: Jan. 09, 16, 23, 30, 2016
The registrant(s) has (have) commenced to transact business under the fictitious business name or names listed above on N/A. NOTICE: This Fictitious Business Name Statement expires five years from the date it was filed in the office of the County Clerk. A new Fictitious Business Name Statement must be filed prior to that date. The filing of this statement does not of itself authorize the use in this state of a Fictitious Business Name in violation of the rights of another under Federal, State, or common law (See section 14411 et seq., Business and Professions Code).
STATEMENT OF WITHDRAWAL FROM PARTNERSHIP OPERATING UNDER FICTITIOUS BUSINESS NAME
File No. 2015-326285
The following person(s) has (have) withdrawn as a general partner(s) from the partnership operating under the fictitious business name of LUCKY HEALTH SPA, 14814 CRENSHAW BL., GARDENA, CA 90249. SIGNED: DANNA XIONG. Publish: Mountain Views News Dates Pub: Jan. 09, 16, 23, 30, 2016
The registrant(s) has (have) commenced to transact business under the fictitious business name or names listed above on N/A. NOTICE: This Fictitious Business Name Statement expires five years from the date it was filed in the office of the County Clerk. A new Fictitious Business Name Statement must be filed prior to that date. The filing of this statement does not of itself authorize the use in this state of a Fictitious Business Name in violation of the rights of another under Federal, State, or common law (See section 14411 et seq., Business and Professions Code).
STATEMENT OF ABANDONMENT OF USE OF FICTITIOUS BUSINESS NAME
File No. 2015-325006
The following person(s) DAVID ALAN QUEZADA, 5930 E. WARDLOW RD, LONG BEACH, CA 90808, JOSE ALBERTO PLASCENCIA-QUEZADA, 2312 LIME AVE., LONG BEACH, CA 90806 have abandoned the use of the fictitious business name: BURR CLOTHING. Signed: JOSE ALBERTO PLASCENCIA-QUEZADA. Publish: Mountain Views News Dates Pub: Jan. 09, 16, 23, 30, 2016
The registrant(s) has (have) commenced to transact business under the fictitious business name or names listed above on N/A. NOTICE: This Fictitious Business Name Statement expires five years from the date it was filed in the office of the County Clerk. A new Fictitious Business Name Statement must be filed prior to that date. The filing of this statement does not of itself authorize the use in this state of a Fictitious Business Name in violation of the rights of another under Federal, State, or common law (See section 14411 et seq., Business and Professions Code).
STATEMENT OF ABANDONMENT OF USE OF FICTITIOUS BUSINESS NAME
File No. 2015-325876
The following person(s) THE METAL GU, 13236 CRENSHAW BLVD., GARDENA, CA 90249 have abandoned the use of the fictitious business name CALIFORNIA BATTERY CO. Publish: Mountain Views News Dates Pub: Jan. 09, 16, 23, 30, 2016
The registrant(s) has (have) commenced to transact business under the fictitious business name or names listed above on N/A. NOTICE: This Fictitious Business Name Statement expires five years from the date it was filed in the office of the County Clerk. A new Fictitious Business Name Statement must be filed prior to that date. The filing of this statement does not of itself authorize the use in this state of a Fictitious Business Name in violation of the rights of another under Federal, State, or common law (See section 14411 et seq., Business and Professions Code).
STATEMENT OF ABANDONMENT OF USE OF FICTITIOUS BUSINESS NAME
File No. 2015-324470
The following person(s) HUMBERTO CAMACHO, 4802 SANTA ANA ST., CUDAHY, CA 90201 have abandoned the use of the fictitious business name: LOS GORDOS DISTRIBUTION. Signed: JOSE ELIAS SEPULVEDAGEN PARTNER. Publish: Mountain Views News Dates Pub: Jan. 09, 16, 23, 30, 2016
The registrant(s) has (have) commenced to transact business under the fictitious business name or names listed above on N/A. NOTICE: This Fictitious Business Name Statement expires five years from the date it was filed in the office of the County Clerk. A new Fictitious Business Name Statement must be filed prior to that date. The filing of this statement does not of itself authorize the use in this state of a Fictitious Business Name in violation of the rights of another under Federal, State, or common law (See section 14411 et seq., Business and Professions Code).
STATEMENT OF ABANDONMENT OF USE OF FICTITIOUS BUSINESS NAME
File No. 2015-324721
The following person(s) ERNESTO CHAVEZ RAMOS, 7606 23RD ST. APT D, WESTMINSTER, CA 92683 have abandoned the use of the fictitious business name: WASHINGTON. Signed: ERNESTO CHAVEZ RAMOS. Publish: Mountain Views News Dates Pub: Jan. 09, 16, 23, 30, 2016
The registrant(s) has (have) commenced to transact business under the fictitious business name or names listed above on N/A. NOTICE: This Fictitious Business Name Statement expires five years from the date it was filed in the office of the County Clerk. A new Fictitious Business Name Statement must be filed prior to that date. The filing of this statement does not of itself authorize the use in this state of a Fictitious Business Name in violation of the rights of another under Federal, State, or common law (See section 14411 et seq., Business and Professions Code).
FICTITIOUS BUSINESS NAME STATEMENT
File No. 2016-000064
The following person(s) is (are) doing business as: AVANTIS, 4541 PROVIDENCE RD., SAN GABRIEL, CA 91775. This Business is conducted by: AN INDIVIDUAL. Signed: STEPHEN SOUW. Publish: Mountain Views News Dates Pub: Jan. 09, 16, 23, 30, 2016
The registrant(s) has (have) commenced to transact business under the fictitious business name or names listed above on N/A. NOTICE: This Fictitious Business Name Statement expires five years from the date it was filed in the office of the County Clerk. A new Fictitious Business Name Statement must be filed prior to that date. The filing of this statement does not of itself authorize the use in this state of a Fictitious Business Name in violation of the rights of another under Federal, State, or common law (See section 14411 et seq., Business and Professions Code).
FICTITIOUS BUSINESS NAME STATEMENT
File No. 2016-000086
The following person(s) is (are) doing business as: ARTS LANDSCAPE SERVICE, 1297 POMONA, CA 91767. Full name of registrant(s) is (are) ARTURO DELGADILLO. This Business is conducted by: AN INDIVIDUAL. Publish: Mountain Views News Dates Pub: Jan. 09, 16, 23, 30, 2016
The registrant(s) has (have) commenced to transact business under the fictitious business name or names listed above on N/A. NOTICE: This Fictitious Business Name Statement expires five years from the date it was filed in the office of the County Clerk. A new Fictitious Business Name Statement must be filed prior to that date. The filing of this statement does not of itself authorize the use in this state of a Fictitious Business Name in violation of the rights of another under Federal, State, or common law (See section 14411 et seq., Business and Professions Code).
FICTITIOUS BUSINESS NAME STATEMENT
File No. 2016-000209
The following person(s) is (are) doing business as: BOTTOMLESS APPAREL CO., 7516 MADISON ST., PARAMOUNT, CA 90723. Publish: Mountain Views News
The registrant(s) has (have) commenced to transact business under the fictitious business name or names listed above on N/A. NOTICE: This Fictitious Business Name Statement expires five years from the date it was filed in the office of the County Clerk. A new Fictitious Business Name Statement must be filed prior to that date. The filing of this statement does not of itself authorize the use in this state of a Fictitious Business Name in violation of the rights of another under Federal, State, or common law (See section 14411 et seq., Business and Professions Code).
BOXLEAF RD., PALMDALE, CA 93550. This Business is conducted by: A GENERAL PARTNERSHIP. Signed: PEDRO RENE RAMOS. This statement was filed with the County Clerk of Los Angeles County on 01/06/2016. Publish: Mountain Views News Dates Pub: Jan. 09, 16, 23, 30, 2016
FICTITIOUS BUSINESS NAME STATEMENT
File No. 2016-002580
The following person(s) is (are) doing business as: D & O DUDLEY CLEANING, 1642 W. DUDLEY ST., ANAHEIM, CA 92802. Full name of registrant(s) is (are) YESENIA OLIVARES GODINEZ. This Business is conducted by: AN INDIVIDUAL. Signed: YESENIA OLIVARES GODINEZ. This statement was filed with the County Clerk of Los Angeles County on 01/06/2016. Publish: Mountain Views News Dates Pub: Jan. 09, 16, 23, 30, 2016
The registrant(s) has (have) commenced to transact business under the fictitious business name or names listed above on N/A. NOTICE: This Fictitious Business Name Statement expires five years from the date it was filed in the office of the County Clerk. A new Fictitious Business Name Statement must be filed prior to that date. The filing of this statement does not of itself authorize the use in this state of a Fictitious Business Name in violation of the rights of another under Federal, State, or common law (See section 14411 et seq., Business and Professions Code).
FICTITIOUS BUSINESS NAME STATEMENT
File No. 2016-000310
The following person(s) is (are) doing business as: EL PASO INN, 320 W. FLORENCE AVE., L.A., CA 90003. This Business is conducted by: A LIMITED LIABILITY COMPANY. Signed: PRAKASH PATEL. This statement was filed with the County Clerk of Los Angeles County on 01/04/2016. Publish: Mountain Views News Dates Pub: Jan. 09, 16, 23, 30, 2016
The registrant(s) has (have) commenced to transact business under the fictitious business name or names listed above on N/A. NOTICE: This Fictitious Business Name Statement expires five years from the date it was filed in the office of the County Clerk. A new Fictitious Business Name Statement must be filed prior to that date. The filing of this statement does not of itself authorize the use in this state of a Fictitious Business Name in violation of the rights of another under Federal, State, or common law (See section 14411 et seq., Business and Professions Code).
FICTITIOUS BUSINESS NAME STATEMENT
File No. 2016-003649
The following person(s) is (are) doing business as: FERNANDO'S KUSTOM FAB, 2416 STROSIER AVE., SO. EL MONTE, CA 91733. This Business is conducted by: AN INDIVIDUAL. Signed: FERNANDO LUGO VELARDE. This statement was filed with the County Clerk of Los Angeles County on 01/07/2016. Publish: Mountain Views News Dates Pub: Jan. 09, 16, 23, 30, 2016
The registrant(s) has (have) commenced to transact business under the fictitious business name or names listed above on N/A. NOTICE: This Fictitious Business Name Statement expires five years from the date it was filed in the office of the County Clerk. A new Fictitious Business Name Statement must be filed prior to that date. The filing of this statement does not of itself authorize the use in this state of a Fictitious Business Name in violation of the rights of another under Federal, State, or common law (See section 14411 et seq., Business and Professions Code).
FICTITIOUS BUSINESS NAME STATEMENT
File No. 2016-000296
The following person(s) is (are) doing business as: FULL SERVICE TELECOM, 2723 LOOMIS ST., LAKEWOOD, CA 90712. Full name of registrant(s) is (are) JONATHAN MICHAEL PRATTE. This Business is conducted by: AN INDIVIDUAL. Signed: JONATHAN MICHAEL PRATTE. This statement was filed with the County Clerk of Los Angeles County on 01/04/2016. Publish: Mountain Views News Dates Pub: Jan. 09, 16, 23, 30, 2016
The registrant(s) has (have) commenced to transact business under the fictitious business name or names listed above on N/A. NOTICE: This Fictitious Business Name Statement expires five years from the date it was filed in the office of the County Clerk. A new Fictitious Business Name Statement must be filed prior to that date. The filing of this statement does not of itself authorize the use in this state of a Fictitious Business Name in violation of the rights of another under Federal, State, or common law (See section 14411 et seq., Business and Professions Code).
FICTITIOUS BUSINESS NAME STATEMENT
File No. 2016-001102
The following person(s) is (are) doing business as: IBA UPHOLSTERY, 13023 LOS NIETOS BLVD., WHITTIER, CA 90605. Full name of registrant(s) is (are) GUSTAVO ALVAREZ. This Business is conducted by: AN INDIVIDUAL. Signed: GUSTAVO ALVAREZ. Publish: Mountain Views News Dates Pub: Jan. 09, 16, 23, 30, 2016
The registrant(s) has (have) commenced to transact business under the fictitious business name or names listed above on N/A. NOTICE: This Fictitious Business Name Statement expires five years from the date it was filed in the office of the County Clerk. A new Fictitious Business Name Statement must be filed prior to that date. The filing of this statement does not of itself authorize the use in this state of a Fictitious Business Name in violation of the rights of another under Federal, State, or common law (See section 14411 et seq., Business and Professions Code).
FICTITIOUS BUSINESS NAME STATEMENT
File No. 2016-000092
The following person(s) is (are) doing business as: INDIAN FEAST, 22411 DEL VALLE ST. #8, WOODLAND HILLS, CA 91364. Full name of registrant(s) is (are) IMRY FAABORG. This Business is conducted by: AN INDIVIDUAL. Signed: IMRY FAABORG. Publish: Mountain Views News Dates Pub: Jan. 09, 16, 23, 30, 2016
The registrant(s) has (have) commenced to transact business under the fictitious business name or names listed above on N/A. NOTICE: This Fictitious Business Name Statement expires five years from the date it was filed in the office of the County Clerk. A new Fictitious Business Name Statement must be filed prior to that date. The filing of this statement does not of itself authorize the use in this state of a Fictitious Business Name in violation of the rights of another under Federal, State, or common law (See section 14411 et seq., Business and Professions Code).
FICTITIOUS BUSINESS NAME STATEMENT
File No. 2016-001550
The following person(s) is (are) doing business as: JAVILA TRUCKING, 15058 BECKNER ST., LA PUENTE, CA 91744. Full name of registrant(s) is (are) JUAN ANTONIO AVILA. This Business is conducted by: AN INDIVIDUAL. Signed: JUAN ANTONIO AVILA. Publish: Mountain Views News Dates Pub: Jan. 09, 16, 23, 30, 2016
The registrant(s) has (have) commenced to transact business under the fictitious business name or names listed above on N/A. NOTICE: This Fictitious Business Name Statement expires five years from the date it was filed in the office of the County Clerk. A new Fictitious Business Name Statement must be filed prior to that date. The filing of this statement does not of itself authorize the use in this state of a Fictitious Business Name in violation of the rights of another under Federal, State, or common law (See section 14411 et seq., Business and Professions Code).
FICTITIOUS BUSINESS NAME STATEMENT
File No. 2016-003308
The following person(s) is (are) doing business as: KIM SUN KITCHEN, 5449 CHERRY AVE., LONG BEACH, CA 90805. This Business is conducted by: AN INDIVIDUAL. Signed: RITHY MEAN. Publish: Mountain Views News Dates Pub: Jan. 09, 16, 23, 30, 2016
The registrant(s) has (have) commenced to transact business under the fictitious business name or names listed above on N/A. NOTICE: This Fictitious Business Name Statement expires five years from the date it was filed in the office of the County Clerk. A new Fictitious Business Name Statement must be filed prior to that date. The filing of this statement does not of itself authorize the use in this state of a Fictitious Business Name in violation of the rights of another under Federal, State, or common law (See section 14411 et seq., Business and Professions Code).
FICTITIOUS BUSINESS NAME STATEMENT
File No. 2016-003066
The following person(s) is (are) doing business as: MANGIE AUTO TINT, 813 GRATIAN ST. #204, LOS ANGELES, CA 90022. Full name of registrant(s) is (are) EDWIN OTONIEL PEREZ LOPEZ. Publish: Mountain Views News
The registrant(s) has (have) commenced to transact business under the fictitious business name or names listed above on N/A. NOTICE: This Fictitious Business Name Statement expires five years from the date it was filed in the office of the County Clerk. A new Fictitious Business Name Statement must be filed prior to that date. The filing of this statement does not of itself authorize the use in this state of a Fictitious Business Name in violation of the rights of another under Federal, State, or common law (See section 14411 et seq., Business and Professions Code).
Mountain Views News
80 W Sierra Madre Blvd. No. 327 Sierra Madre, Ca. 91024
Office: 626.355.2737
Fax: 626.609.3285
Email: editor@mtnviewsnews.com
Website: www.mtnviewsnews.com
